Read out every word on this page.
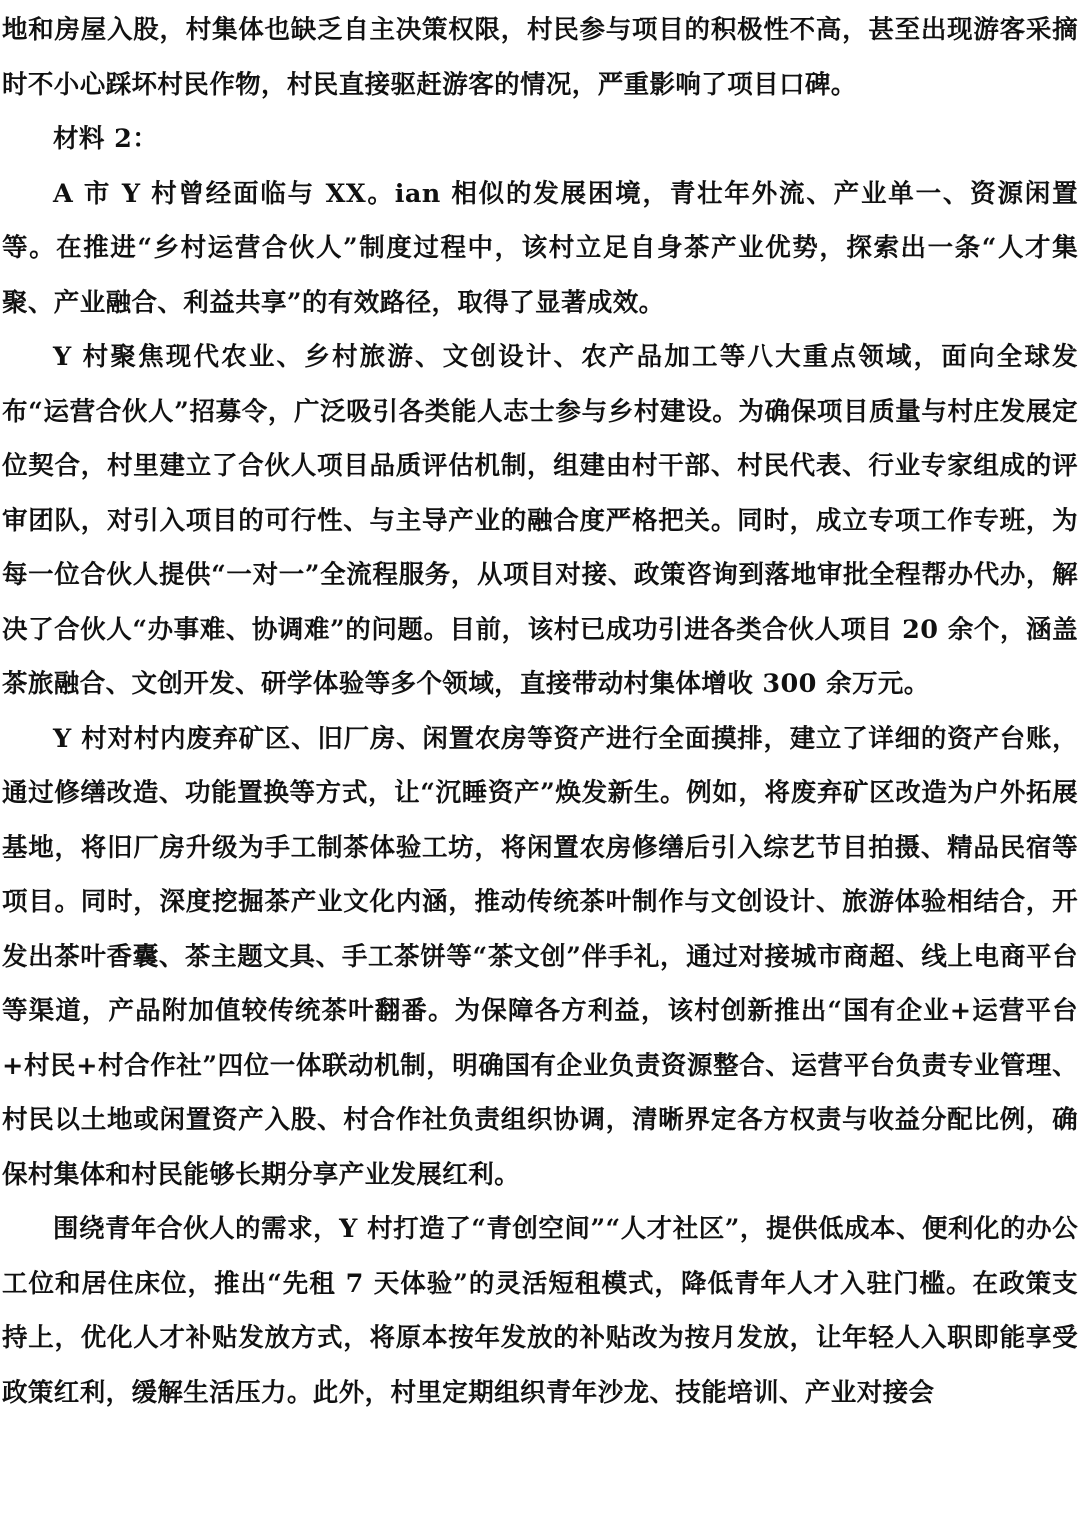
地和房屋入股，村集体也缺乏自主决策权限，村民参与项目的积极性不高，甚至出现游客采摘时不小心踩坏村民作物，村民直接驱赶游客的情况，严重影响了项目口碑。

材料 2：

A 市 Y 村曾经面临与 XX。ian 相似的发展困境，青壮年外流、产业单一、资源闲置等。在推进“乡村运营合伙人”制度过程中，该村立足自身茶产业优势，探索出一条“人才集聚、产业融合、利益共享”的有效路径，取得了显著成效。

Y 村聚焦现代农业、乡村旅游、文创设计、农产品加工等八大重点领域，面向全球发布“运营合伙人”招募令，广泛吸引各类能人志士参与乡村建设。为确保项目质量与村庄发展定位契合，村里建立了合伙人项目品质评估机制，组建由村干部、村民代表、行业专家组成的评审团队，对引入项目的可行性、与主导产业的融合度严格把关。同时，成立专项工作专班，为每一位合伙人提供“一对一”全流程服务，从项目对接、政策咨询到落地审批全程帮办代办，解决了合伙人“办事难、协调难”的问题。目前，该村已成功引进各类合伙人项目 20 余个，涵盖茶旅融合、文创开发、研学体验等多个领域，直接带动村集体增收 300 余万元。

Y 村对村内废弃矿区、旧厂房、闲置农房等资产进行全面摸排，建立了详细的资产台账，通过修缮改造、功能置换等方式，让“沉睡资产”焕发新生。例如，将废弃矿区改造为户外拓展基地，将旧厂房升级为手工制茶体验工坊，将闲置农房修缮后引入综艺节目拍摄、精品民宿等项目。同时，深度挖掘茶产业文化内涵，推动传统茶叶制作与文创设计、旅游体验相结合，开发出茶叶香囊、茶主题文具、手工茶饼等“茶文创”伴手礼，通过对接城市商超、线上电商平台等渠道，产品附加值较传统茶叶翻番。为保障各方利益，该村创新推出“国有企业+运营平台+村民+村合作社”四位一体联动机制，明确国有企业负责资源整合、运营平台负责专业管理、村民以土地或闲置资产入股、村合作社负责组织协调，清晰界定各方权责与收益分配比例，确保村集体和村民能够长期分享产业发展红利。

围绕青年合伙人的需求，Y 村打造了“青创空间”“人才社区”，提供低成本、便利化的办公工位和居住床位，推出“先租 7 天体验”的灵活短租模式，降低青年人才入驻门槛。在政策支持上，优化人才补贴发放方式，将原本按年发放的补贴改为按月发放，让年轻人入职即能享受政策红利，缓解生活压力。此外，村里定期组织青年沙龙、技能培训、产业对接会
